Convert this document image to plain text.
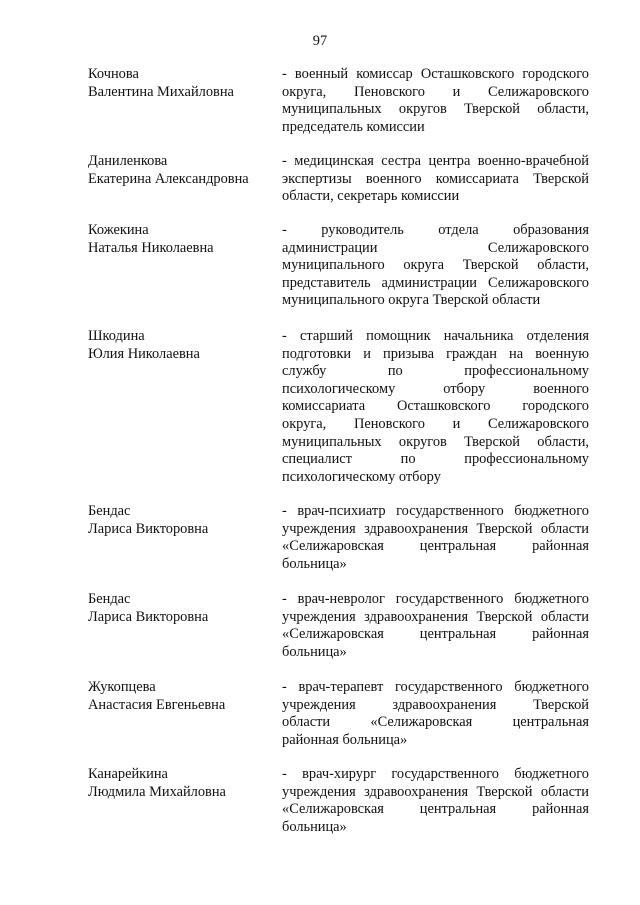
97
Кочнова
Валентина Михайловна
- военный комиссар Осташковского городского
округа, Пеновского и Селижаровского
муниципальных округов Тверской области,
председатель комиссии
Даниленкова
Екатерина Александровна
- медицинская сестра центра военно-врачебной
экспертизы военного комиссариата Тверской
области, секретарь комиссии
Кожекина
Наталья Николаевна
- руководитель отдела образования
администрации Селижаровского
муниципального округа Тверской области,
представитель администрации Селижаровского
муниципального округа Тверской области
Шкодина
Юлия Николаевна
- старший помощник начальника отделения
подготовки и призыва граждан на военную
службу по профессиональному
психологическому отбору военного
комиссариата Осташковского городского
округа, Пеновского и Селижаровского
муниципальных округов Тверской области,
специалист по профессиональному
психологическому отбору
Бендас
Лариса Викторовна
- врач-психиатр государственного бюджетного
учреждения здравоохранения Тверской области
«Селижаровская центральная районная
больница»
Бендас
Лариса Викторовна
- врач-невролог государственного бюджетного
учреждения здравоохранения Тверской области
«Селижаровская центральная районная
больница»
Жукопцева
Анастасия Евгеньевна
- врач-терапевт государственного бюджетного
учреждения здравоохранения Тверской
области «Селижаровская центральная
районная больница»
Канарейкина
Людмила Михайловна
- врач-хирург государственного бюджетного
учреждения здравоохранения Тверской области
«Селижаровская центральная районная
больница»
